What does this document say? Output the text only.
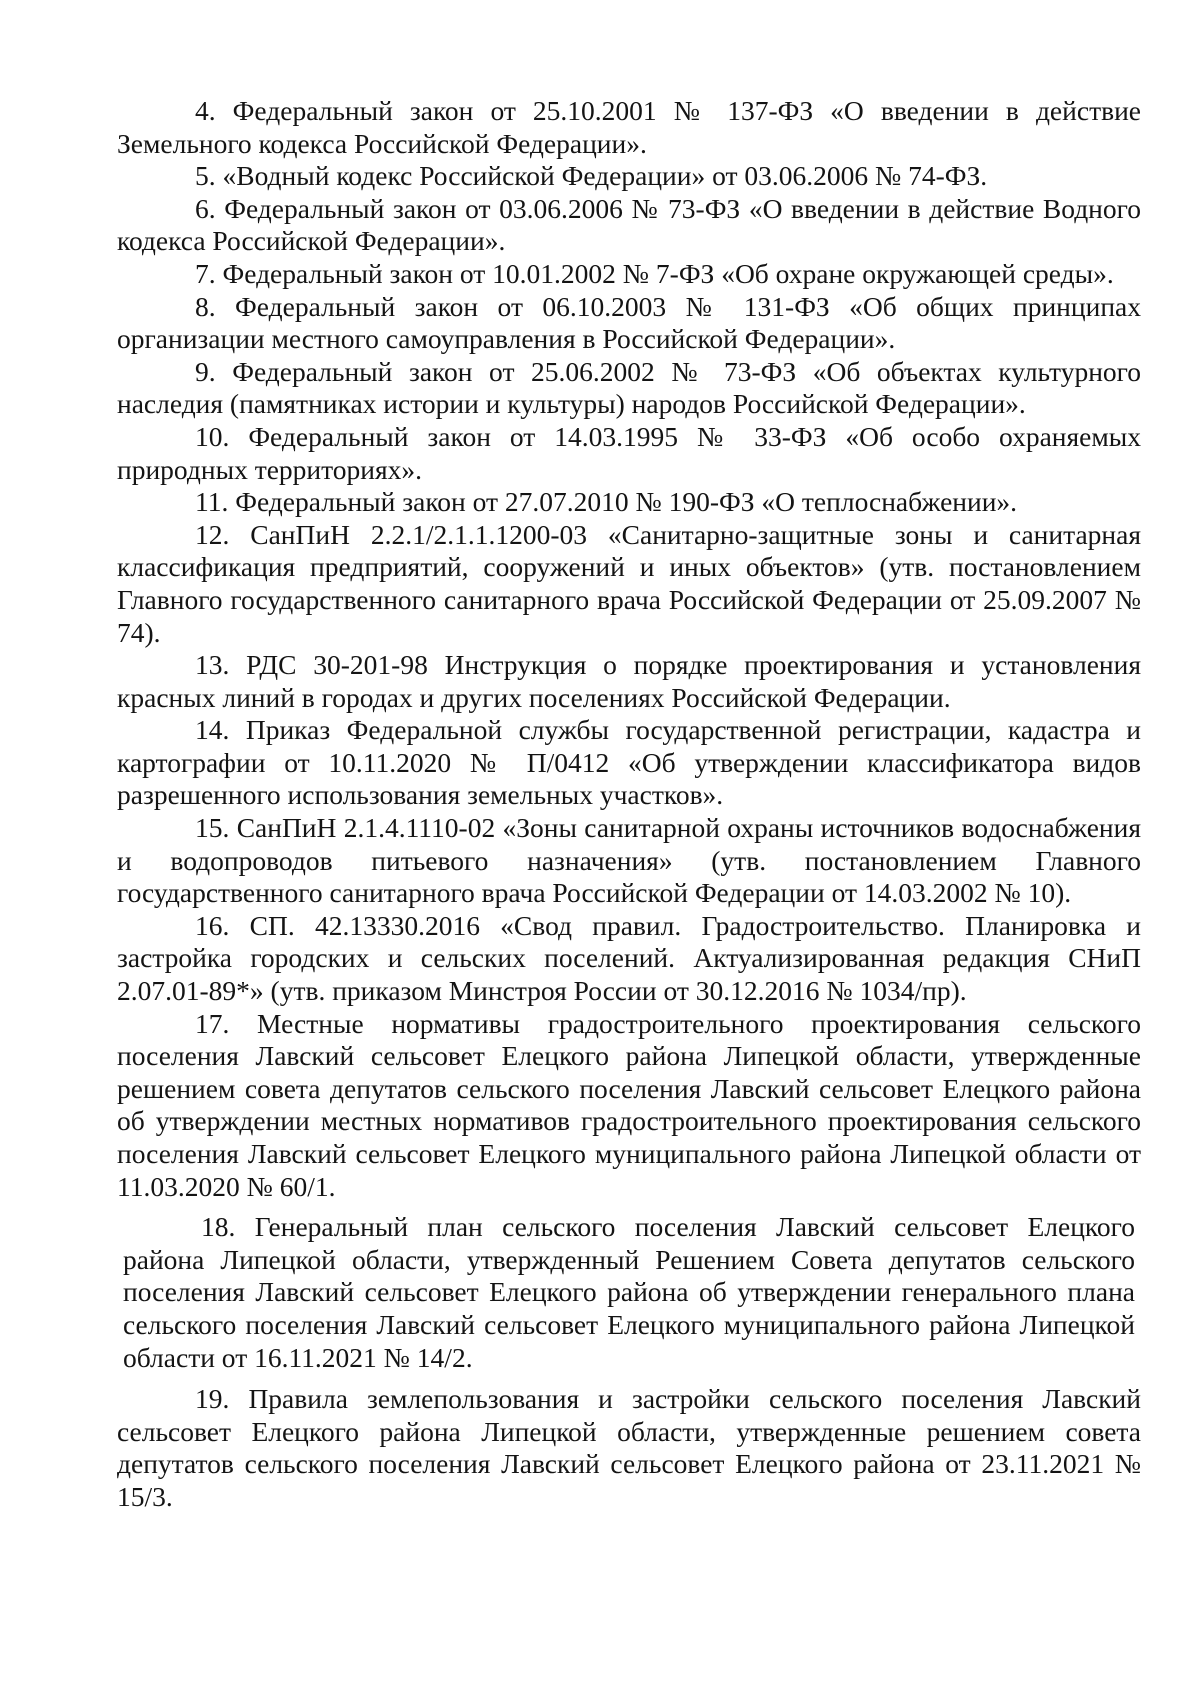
4. Федеральный закон от 25.10.2001 № 137-ФЗ «О введении в действие Земельного кодекса Российской Федерации».

5. «Водный кодекс Российской Федерации» от 03.06.2006 № 74-ФЗ.

6. Федеральный закон от 03.06.2006 № 73-ФЗ «О введении в действие Водного кодекса Российской Федерации».

7. Федеральный закон от 10.01.2002 № 7-ФЗ «Об охране окружающей среды».

8. Федеральный закон от 06.10.2003 № 131-ФЗ «Об общих принципах организации местного самоуправления в Российской Федерации».

9. Федеральный закон от 25.06.2002 № 73-ФЗ «Об объектах культурного наследия (памятниках истории и культуры) народов Российской Федерации».

10. Федеральный закон от 14.03.1995 № 33-ФЗ «Об особо охраняемых природных территориях».

11. Федеральный закон от 27.07.2010 № 190-ФЗ «О теплоснабжении».

12. СанПиН 2.2.1/2.1.1.1200-03 «Санитарно-защитные зоны и санитарная классификация предприятий, сооружений и иных объектов» (утв. постановлением Главного государственного санитарного врача Российской Федерации от 25.09.2007 № 74).

13. РДС 30-201-98 Инструкция о порядке проектирования и установления красных линий в городах и других поселениях Российской Федерации.

14. Приказ Федеральной службы государственной регистрации, кадастра и картографии от 10.11.2020 № П/0412 «Об утверждении классификатора видов разрешенного использования земельных участков».

15. СанПиН 2.1.4.1110-02 «Зоны санитарной охраны источников водоснабжения и водопроводов питьевого назначения» (утв. постановлением Главного государственного санитарного врача Российской Федерации от 14.03.2002 № 10).

16. СП. 42.13330.2016 «Свод правил. Градостроительство. Планировка и застройка городских и сельских поселений. Актуализированная редакция СНиП 2.07.01-89*» (утв. приказом Минстроя России от 30.12.2016 № 1034/пр).

17. Местные нормативы градостроительного проектирования сельского поселения Лавский сельсовет Елецкого района Липецкой области, утвержденные решением совета депутатов сельского поселения Лавский сельсовет Елецкого района об утверждении местных нормативов градостроительного проектирования сельского поселения Лавский сельсовет Елецкого муниципального района Липецкой области от 11.03.2020 № 60/1.

18. Генеральный план сельского поселения Лавский сельсовет Елецкого района Липецкой области, утвержденный Решением Совета депутатов сельского поселения Лавский сельсовет Елецкого района об утверждении генерального плана сельского поселения Лавский сельсовет Елецкого муниципального района Липецкой области от 16.11.2021 № 14/2.

19. Правила землепользования и застройки сельского поселения Лавский сельсовет Елецкого района Липецкой области, утвержденные решением совета депутатов сельского поселения Лавский сельсовет Елецкого района от 23.11.2021 № 15/3.
